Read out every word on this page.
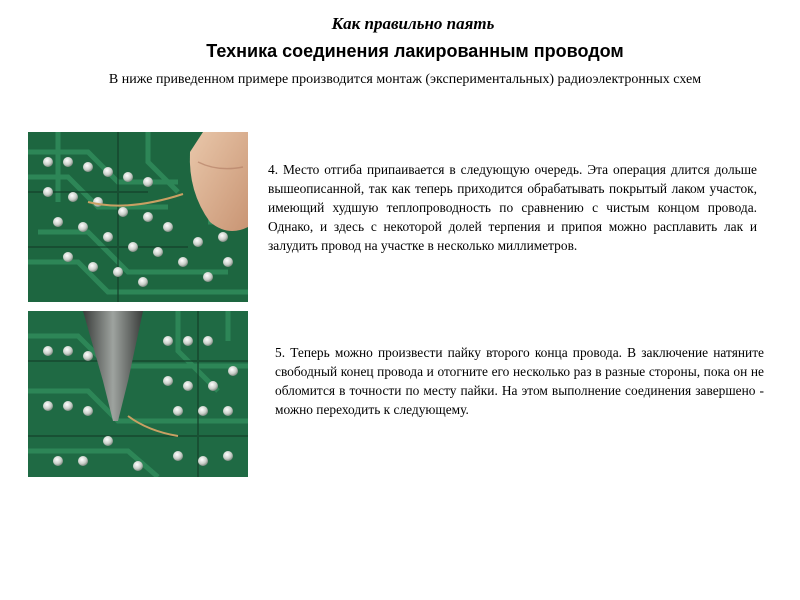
Как правильно паять
Техника соединения лакированным проводом
В ниже приведенном примере производится монтаж (экспериментальных) радиоэлектронных схем

4. Место отгиба припаивается в следующую очередь. Эта операция длится дольше вышеописанной, так как теперь приходится обрабатывать покрытый лаком участок, имеющий худшую теплопроводность по сравнению с чистым концом провода. Однако, и здесь с некоторой долей терпения и припоя можно расплавить лак и залудить провод на участке в несколько миллиметров.

5. Теперь можно произвести пайку второго конца провода. В заключение натяните свободный конец провода и отогните его несколько раз в разные стороны, пока он не обломится в точности по месту пайки. На этом выполнение соединения завершено - можно переходить к следующему.
